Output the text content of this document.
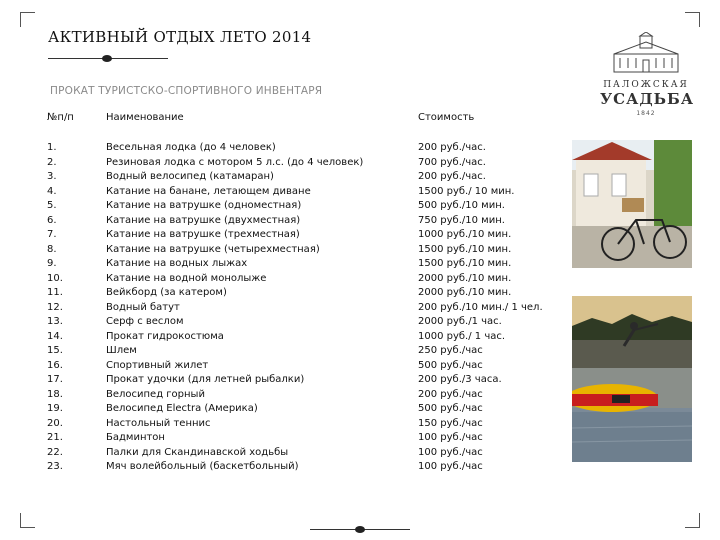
АКТИВНЫЙ ОТДЫХ ЛЕТО 2014
ПРОКАТ ТУРИСТСКО-СПОРТИВНОГО ИНВЕНТАРЯ	ПАЛОЖСКАЯ
УСАДЬБА
1842
№п/п	Наименование	Стоимость
1.	Весельная лодка (до 4 человек)	200 руб./час.
2.	Резиновая лодка с мотором 5 л.с. (до 4 человек)	700 руб./час.
3.	Водный велосипед (катамаран)	200 руб./час.
4.	Катание на банане, летающем диване	1500 руб./ 10 мин.
5.	Катание на ватрушке (одноместная)	500 руб./10 мин.
6.	Катание на ватрушке (двухместная)	750 руб./10 мин.
7.	Катание на ватрушке (трехместная)	1000 руб./10 мин.
8.	Катание на ватрушке (четырехместная)	1500 руб./10 мин.
9.	Катание на водных лыжах	1500 руб./10 мин.
10.	Катание на водной монолыже	2000 руб./10 мин.
11.	Вейкборд (за катером)	2000 руб./10 мин.
12.	Водный батут	200 руб./10 мин./ 1 чел.
13.	Серф с веслом	2000 руб./1 час.
14.	Прокат гидрокостюма	1000 руб./ 1 час.
15.	Шлем	250 руб./час
16.	Спортивный жилет	500 руб./час
17.	Прокат удочки (для летней рыбалки)	200 руб./3 часа.
18.	Велосипед горный	200 руб./час
19.	Велосипед Electra (Америка)	500 руб./час
20.	Настольный теннис	150 руб./час
21.	Бадминтон	100 руб./час
22.	Палки для Скандинавской ходьбы	100 руб./час
23.	Мяч волейбольный (баскетбольный)	100 руб./час
